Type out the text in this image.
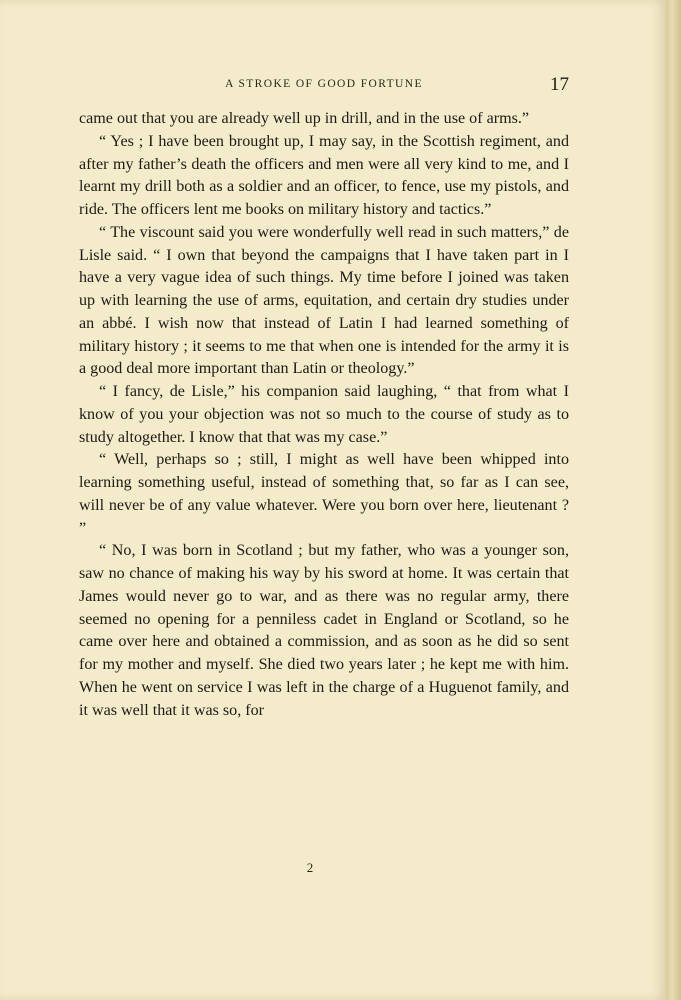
A STROKE OF GOOD FORTUNE	17

came out that you are already well up in drill, and in the use of arms.”

“ Yes ; I have been brought up, I may say, in the Scottish regiment, and after my father’s death the officers and men were all very kind to me, and I learnt my drill both as a soldier and an officer, to fence, use my pistols, and ride. The officers lent me books on military history and tactics.”

“ The viscount said you were wonderfully well read in such matters,” de Lisle said. “ I own that beyond the campaigns that I have taken part in I have a very vague idea of such things. My time before I joined was taken up with learning the use of arms, equitation, and certain dry studies under an abbé. I wish now that instead of Latin I had learned something of military history ; it seems to me that when one is intended for the army it is a good deal more important than Latin or theology.”

“ I fancy, de Lisle,” his companion said laughing, “ that from what I know of you your objection was not so much to the course of study as to study altogether. I know that that was my case.”

“ Well, perhaps so ; still, I might as well have been whipped into learning something useful, instead of something that, so far as I can see, will never be of any value whatever. Were you born over here, lieutenant ? ”

“ No, I was born in Scotland ; but my father, who was a younger son, saw no chance of making his way by his sword at home. It was certain that James would never go to war, and as there was no regular army, there seemed no opening for a penniless cadet in England or Scotland, so he came over here and obtained a commission, and as soon as he did so sent for my mother and myself. She died two years later ; he kept me with him. When he went on service I was left in the charge of a Huguenot family, and it was well that it was so, for

2
